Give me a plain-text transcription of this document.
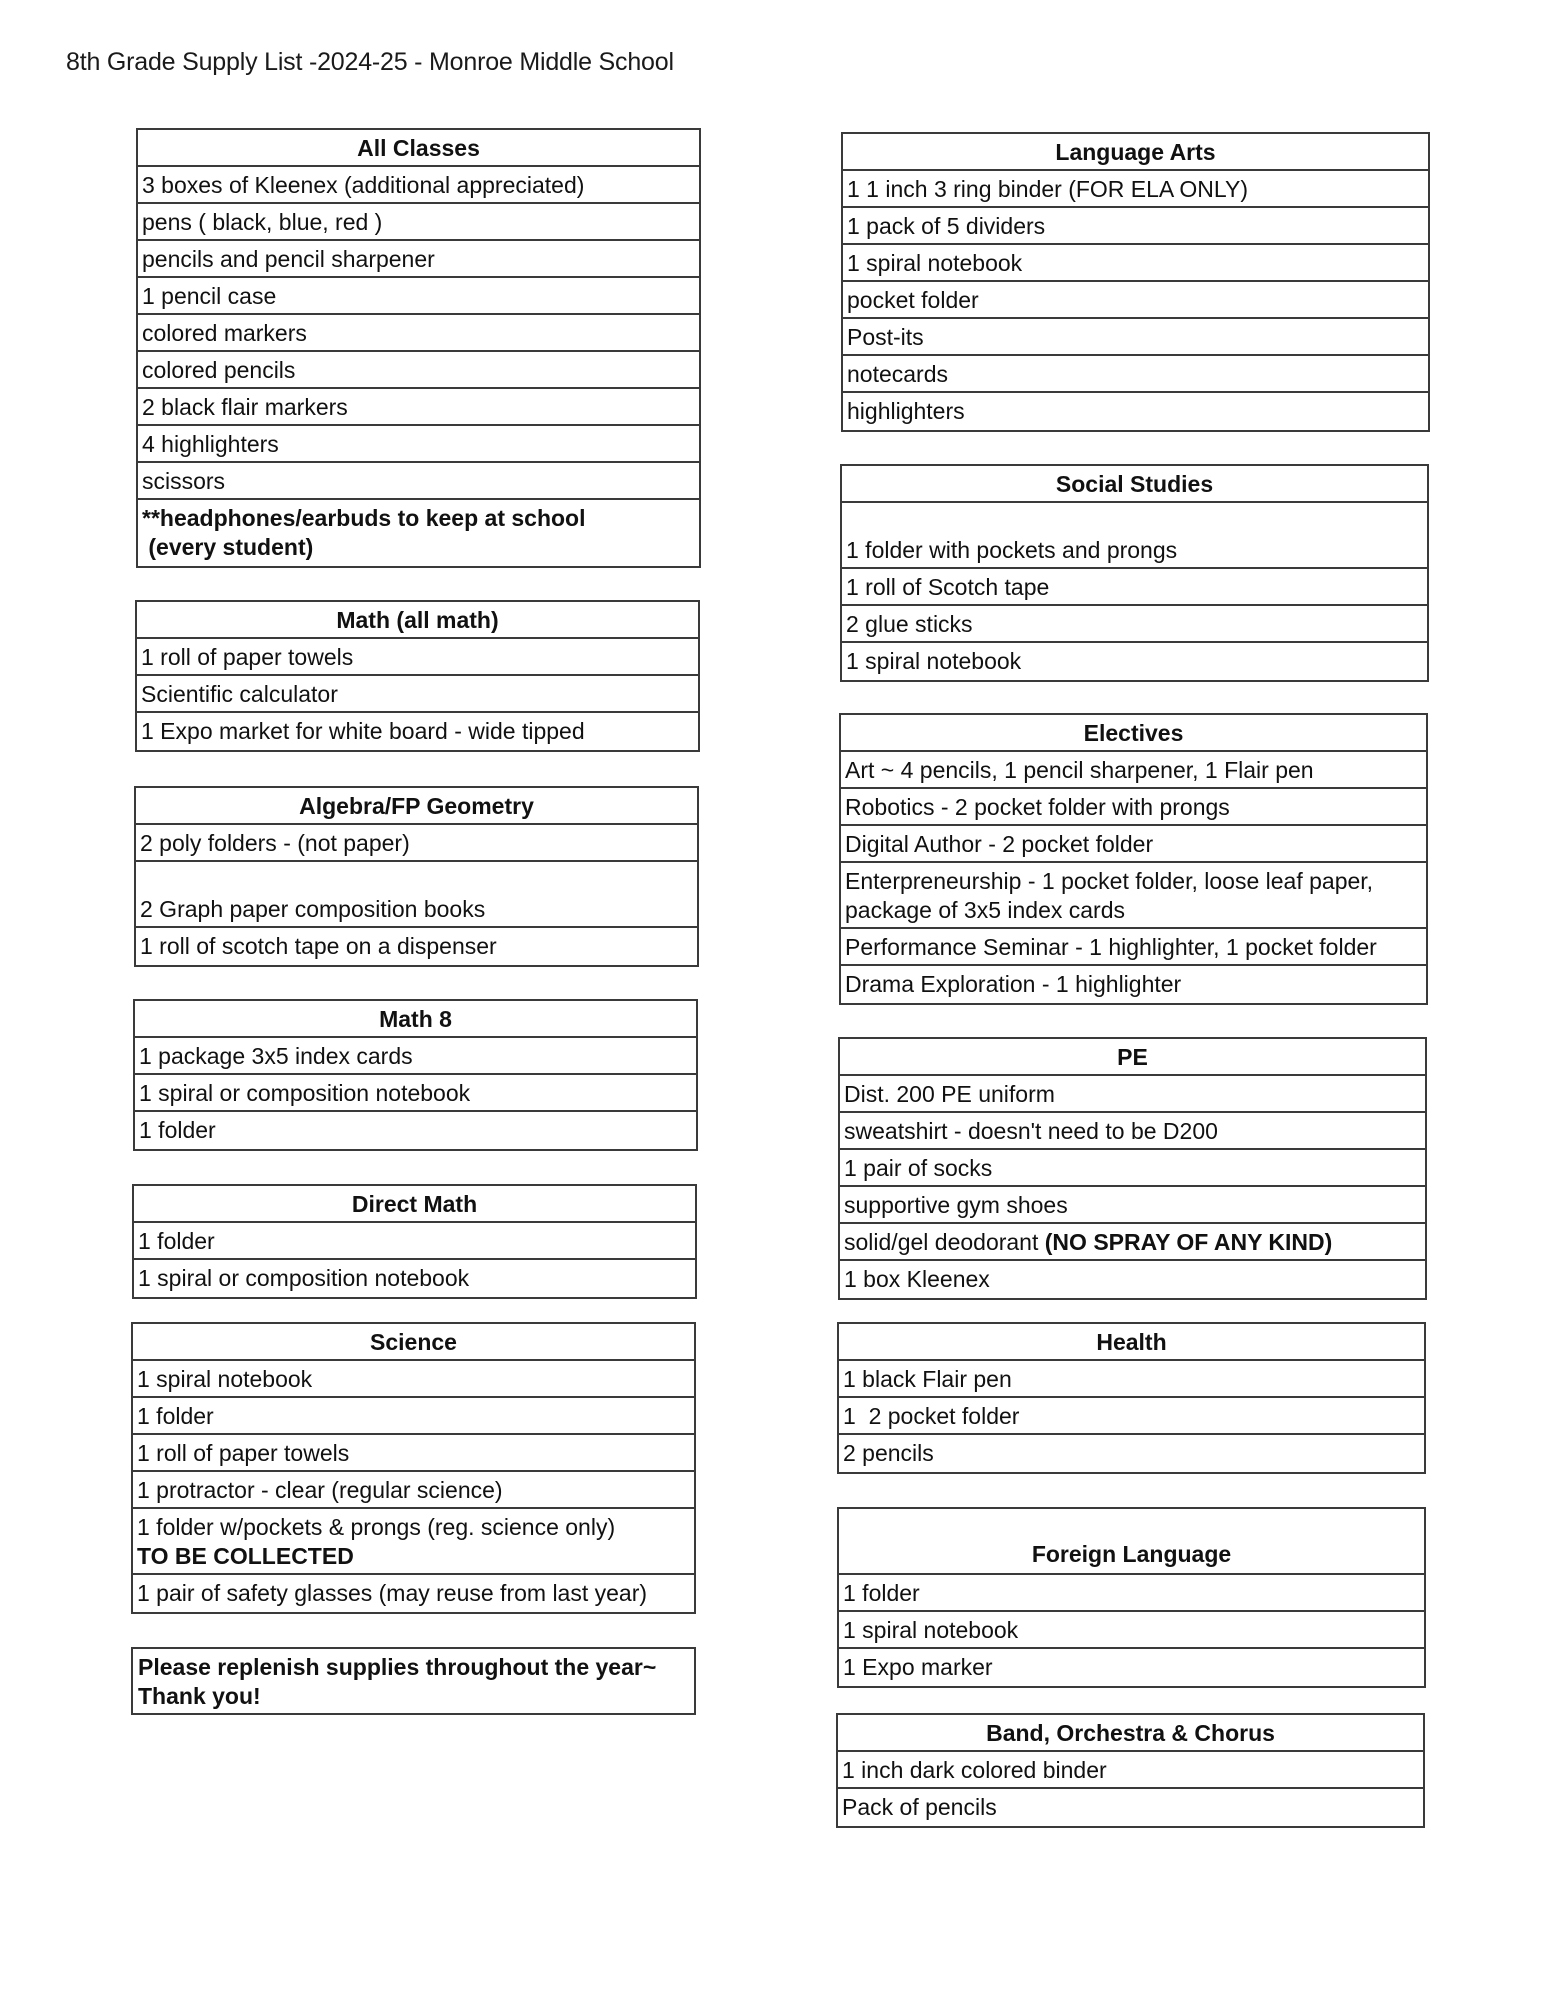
8th Grade Supply List -2024-25 - Monroe Middle School
All Classes
3 boxes of Kleenex (additional appreciated)
pens ( black, blue, red )
pencils and pencil sharpener
1 pencil case
colored markers
colored pencils
2 black flair markers
4 highlighters
scissors
**headphones/earbuds to keep at school
(every student)
Math (all math)
1 roll of paper towels
Scientific calculator
1 Expo market for white board - wide tipped
Algebra/FP Geometry
2 poly folders - (not paper)
2 Graph paper composition books
1 roll of scotch tape on a dispenser
Math 8
1 package 3x5 index cards
1 spiral or composition notebook
1 folder
Direct Math
1 folder
1 spiral or composition notebook
Science
1 spiral notebook
1 folder
1 roll of paper towels
1 protractor - clear (regular science)
1 folder w/pockets & prongs (reg. science only)
TO BE COLLECTED
1 pair of safety glasses (may reuse from last year)
Please replenish supplies throughout the year~
Thank you!
Language Arts
1 1 inch 3 ring binder (FOR ELA ONLY)
1 pack of 5 dividers
1 spiral notebook
pocket folder
Post-its
notecards
highlighters
Social Studies
1 folder with pockets and prongs
1 roll of Scotch tape
2 glue sticks
1 spiral notebook
Electives
Art ~ 4 pencils, 1 pencil sharpener, 1 Flair pen
Robotics - 2 pocket folder with prongs
Digital Author - 2 pocket folder
Enterpreneurship - 1 pocket folder, loose leaf paper, package of 3x5 index cards
Performance Seminar - 1 highlighter, 1 pocket folder
Drama Exploration - 1 highlighter
PE
Dist. 200 PE uniform
sweatshirt - doesn't need to be D200
1 pair of socks
supportive gym shoes
solid/gel deodorant (NO SPRAY OF ANY KIND)
1 box Kleenex
Health
1 black Flair pen
1  2 pocket folder
2 pencils
Foreign Language
1 folder
1 spiral notebook
1 Expo marker
Band, Orchestra & Chorus
1 inch dark colored binder
Pack of pencils
